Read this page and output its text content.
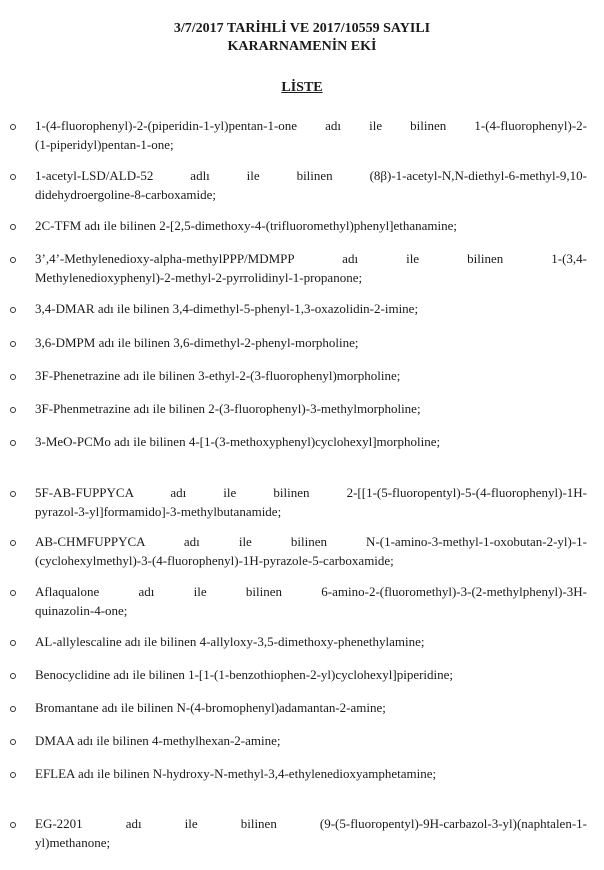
3/7/2017 TARİHLİ VE 2017/10559 SAYILI
KARARNAMENİN EKİ
LİSTE

1-(4-fluorophenyl)-2-(piperidin-1-yl)pentan-1-one adı ile bilinen 1-(4-fluorophenyl)-2-
(1-piperidyl)pentan-1-one;

1-acetyl-LSD/ALD-52 adlı ile bilinen (8β)-1-acetyl-N,N-diethyl-6-methyl-9,10-
didehydroergoline-8-carboxamide;

2C-TFM adı ile bilinen 2-[2,5-dimethoxy-4-(trifluoromethyl)phenyl]ethanamine;

3’,4’-Methylenedioxy-alpha-methylPPP/MDMPP adı ile bilinen 1-(3,4-
Methylenedioxyphenyl)-2-methyl-2-pyrrolidinyl-1-propanone;

3,4-DMAR adı ile bilinen 3,4-dimethyl-5-phenyl-1,3-oxazolidin-2-imine;

3,6-DMPM adı ile bilinen 3,6-dimethyl-2-phenyl-morpholine;

3F-Phenetrazine adı ile bilinen 3-ethyl-2-(3-fluorophenyl)morpholine;

3F-Phenmetrazine adı ile bilinen 2-(3-fluorophenyl)-3-methylmorpholine;

3-MeO-PCMo adı ile bilinen 4-[1-(3-methoxyphenyl)cyclohexyl]morpholine;

5F-AB-FUPPYCA adı ile bilinen 2-[[1-(5-fluoropentyl)-5-(4-fluorophenyl)-1H-
pyrazol-3-yl]formamido]-3-methylbutanamide;

AB-CHMFUPPYCA adı ile bilinen N-(1-amino-3-methyl-1-oxobutan-2-yl)-1-
(cyclohexylmethyl)-3-(4-fluorophenyl)-1H-pyrazole-5-carboxamide;

Aflaqualone adı ile bilinen 6-amino-2-(fluoromethyl)-3-(2-methylphenyl)-3H-
quinazolin-4-one;

AL-allylescaline adı ile bilinen 4-allyloxy-3,5-dimethoxy-phenethylamine;

Benocyclidine adı ile bilinen 1-[1-(1-benzothiophen-2-yl)cyclohexyl]piperidine;

Bromantane adı ile bilinen N-(4-bromophenyl)adamantan-2-amine;

DMAA adı ile bilinen 4-methylhexan-2-amine;

EFLEA adı ile bilinen N-hydroxy-N-methyl-3,4-ethylenedioxyamphetamine;

EG-2201 adı ile bilinen (9-(5-fluoropentyl)-9H-carbazol-3-yl)(naphtalen-1-
yl)methanone;
